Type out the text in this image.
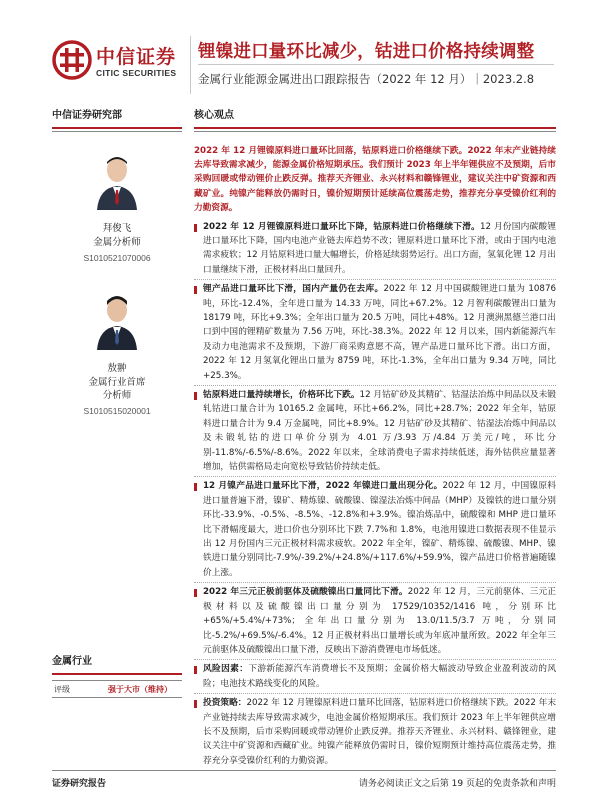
中信证券
CITIC SECURITIES
锂镍进口量环比减少，钴进口价格持续调整
金属行业能源金属进出口跟踪报告（2022 年 12 月）｜2023.2.8
中信证券研究部
拜俊飞
金属分析师
S1010521070006
敖翀
金属行业首席
分析师
S1010515020001
金属行业
评级	强于大市（维持）
核心观点
2022 年 12 月锂镍原料进口量环比回落，钴原料进口价格继续下跌。2022 年末产业链持续去库导致需求减少，能源金属价格短期承压。我们预计 2023 年上半年锂供应不及预期，后市采购回暖或带动锂价止跌反弹。推荐天齐锂业、永兴材料和赣锋锂业，建议关注中矿资源和西藏矿业。纯镍产能释放仍需时日，镍价短期预计延续高位震荡走势，推荐充分享受镍价红利的力勤资源。
2022 年 12 月锂镍原料进口量环比下降，钴原料进口价格继续下滑。12 月份国内碳酸锂进口量环比下降，国内电池产业链去库趋势不改；锂原料进口量环比下滑，或由于国内电池需求疲软；12 月钴原料进口量大幅增长，价格延续弱势运行。出口方面，氢氧化锂 12 月出口量继续下滑，正极材料出口量回升。
锂产品进口量环比下滑，国内产量仍在去库。2022 年 12 月中国碳酸锂进口量为 10876 吨，环比-12.4%，全年进口量为 14.33 万吨，同比+67.2%。12 月智利碳酸锂出口量为 18179 吨，环比+9.3%；全年出口量为 20.5 万吨，同比+48%。12 月澳洲黑德兰港口出口到中国的锂精矿数量为 7.56 万吨，环比-38.3%。2022 年 12 月以来，国内新能源汽车及动力电池需求不及预期，下游厂商采购意愿不高，锂产品进口量环比下滑。出口方面，2022 年 12 月氢氧化锂出口量为 8759 吨，环比-1.3%，全年出口量为 9.34 万吨，同比+25.3%。
钴原料进口量持续增长，价格环比下跌。12 月钴矿砂及其精矿、钴湿法冶炼中间品以及未锻轧钴进口量合计为 10165.2 金属吨，环比+66.2%，同比+28.7%；2022 年全年，钴原料进口量合计为 9.4 万金属吨，同比+8.9%。12 月钴矿砂及其精矿、钴湿法冶炼中间品以及未锻轧钴的进口单价分别为 4.01 万/3.93 万/4.84 万美元/吨，环比分别-11.8%/-6.5%/-8.6%。2022 年以来，全球消费电子需求持续低迷，海外钴供应量显著增加，钴供需格局走向宽松导致钴价持续走低。
12 月镍产品进口量环比下滑，2022 年镍进口量出现分化。2022 年 12 月，中国镍原料进口量普遍下滑，镍矿、精炼镍、硫酸镍、镍湿法冶炼中间品（MHP）及镍铁的进口量分别环比-33.9%、-0.5%、-8.5%、-12.8%和+3.9%。镍冶炼品中，硫酸镍和 MHP 进口量环比下滑幅度最大，进口价也分别环比下跌 7.7%和 1.8%，电池用镍进口数据表现不佳显示出 12 月份国内三元正极材料需求疲软。2022 年全年，镍矿、精炼镍、硫酸镍、MHP、镍铁进口量分别同比-7.9%/-39.2%/+24.8%/+117.6%/+59.9%，镍产品进口价格普遍随镍价上涨。
2022 年三元正极前驱体及硫酸镍出口量同比下滑。2022 年 12 月，三元前驱体、三元正极材料以及硫酸镍出口量分别为 17529/10352/1416 吨，分别环比+65%/+5.4%/+73%；全年出口量分别为 13.0/11.5/3.7 万吨，分别同比-5.2%/+69.5%/-6.4%。12 月正极材料出口量增长或为年底冲量所致。2022 年全年三元前驱体及硫酸镍出口量下滑，反映出下游消费锂电市场低迷。
风险因素：下游新能源汽车消费增长不及预期；金属价格大幅波动导致企业盈利波动的风险；电池技术路线变化的风险。
投资策略：2022 年 12 月锂镍原料进口量环比回落，钴原料进口价格继续下跌。2022 年末产业链持续去库导致需求减少，电池金属价格短期承压。我们预计 2023 年上半年锂供应增长不及预期，后市采购回暖或带动锂价止跌反弹。推荐天齐锂业、永兴材料、赣锋锂业，建议关注中矿资源和西藏矿业。纯镍产能释放仍需时日，镍价短期预计维持高位震荡走势，推荐充分享受镍价红利的力勤资源。
证券研究报告	请务必阅读正文之后第 19 页起的免责条款和声明
